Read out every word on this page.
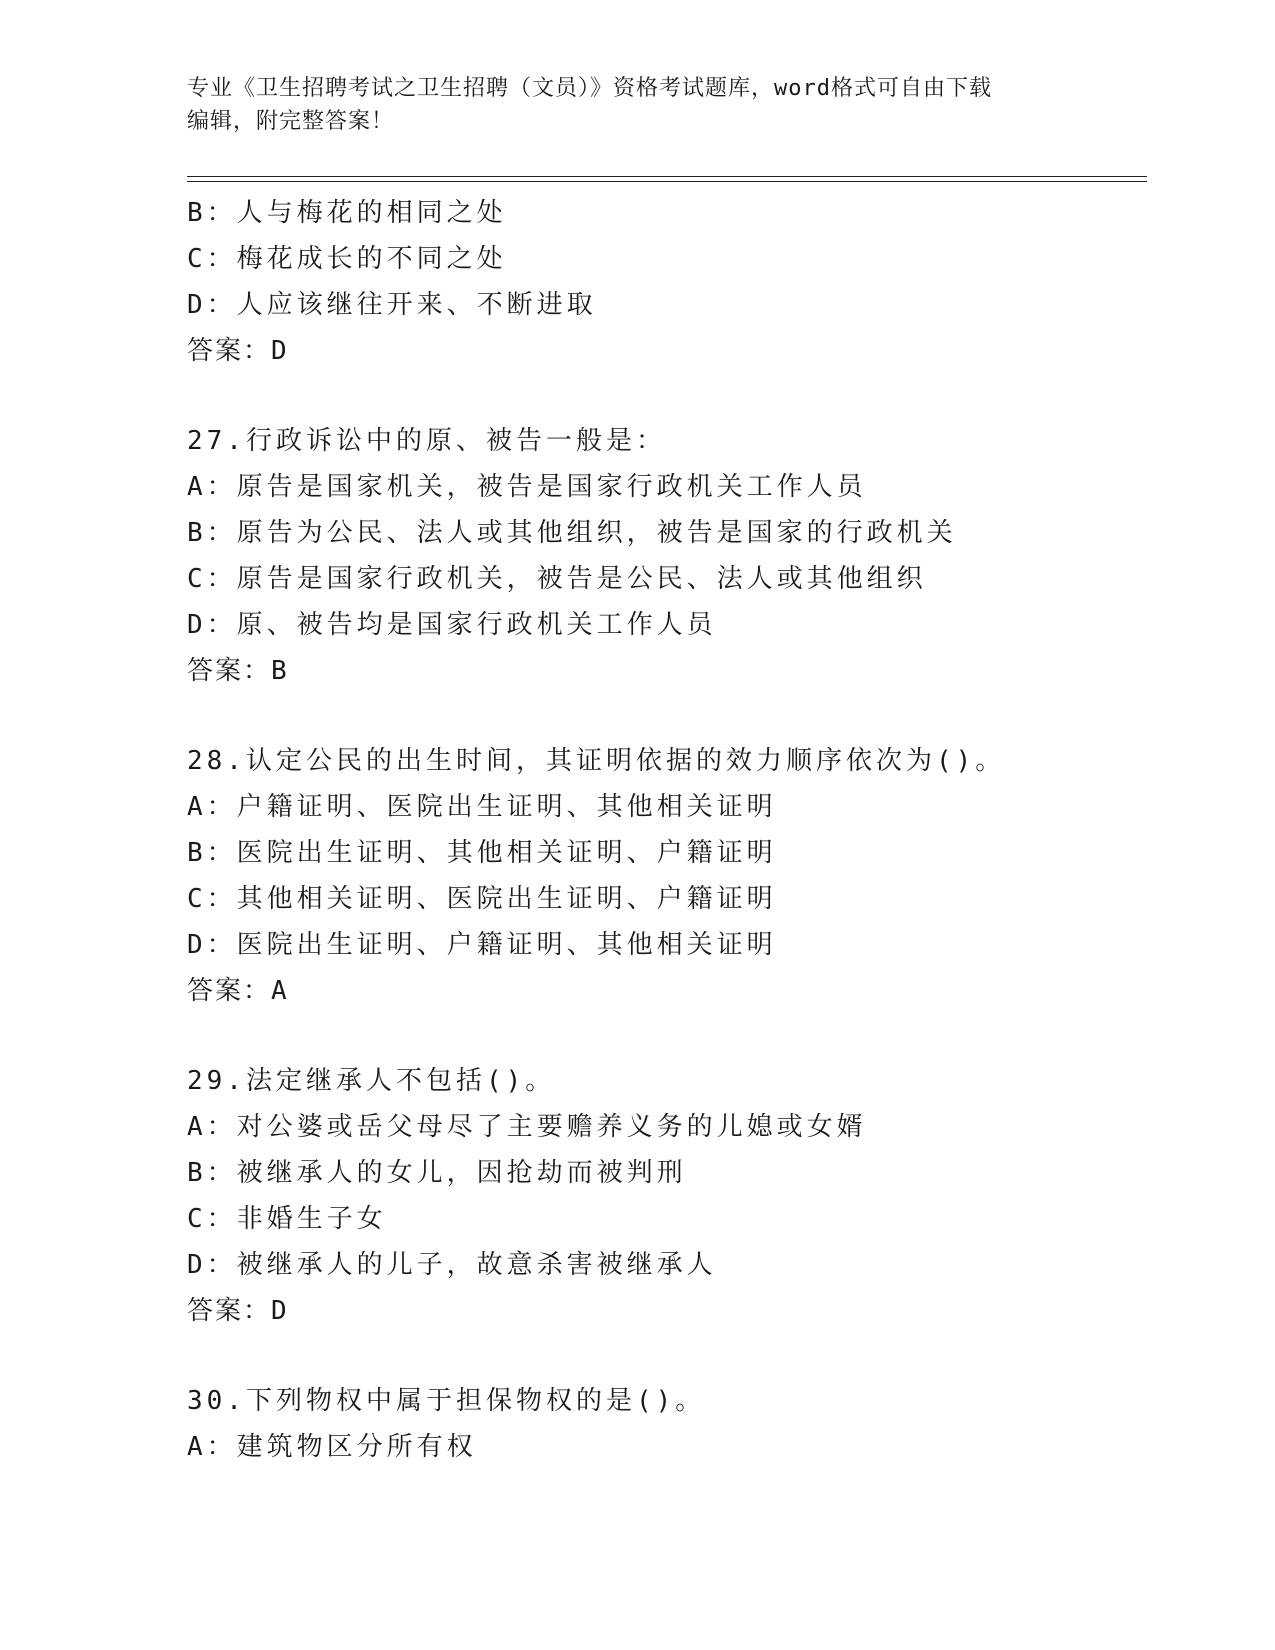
专业《卫生招聘考试之卫生招聘（文员）》资格考试题库，word格式可自由下载
编辑，附完整答案！
B：人与梅花的相同之处
C：梅花成长的不同之处
D：人应该继往开来、不断进取
答案：D
27.行政诉讼中的原、被告一般是：
A：原告是国家机关，被告是国家行政机关工作人员
B：原告为公民、法人或其他组织，被告是国家的行政机关
C：原告是国家行政机关，被告是公民、法人或其他组织
D：原、被告均是国家行政机关工作人员
答案：B
28.认定公民的出生时间，其证明依据的效力顺序依次为()。
A：户籍证明、医院出生证明、其他相关证明
B：医院出生证明、其他相关证明、户籍证明
C：其他相关证明、医院出生证明、户籍证明
D：医院出生证明、户籍证明、其他相关证明
答案：A
29.法定继承人不包括()。
A：对公婆或岳父母尽了主要赡养义务的儿媳或女婿
B：被继承人的女儿，因抢劫而被判刑
C：非婚生子女
D：被继承人的儿子，故意杀害被继承人
答案：D
30.下列物权中属于担保物权的是()。
A：建筑物区分所有权
